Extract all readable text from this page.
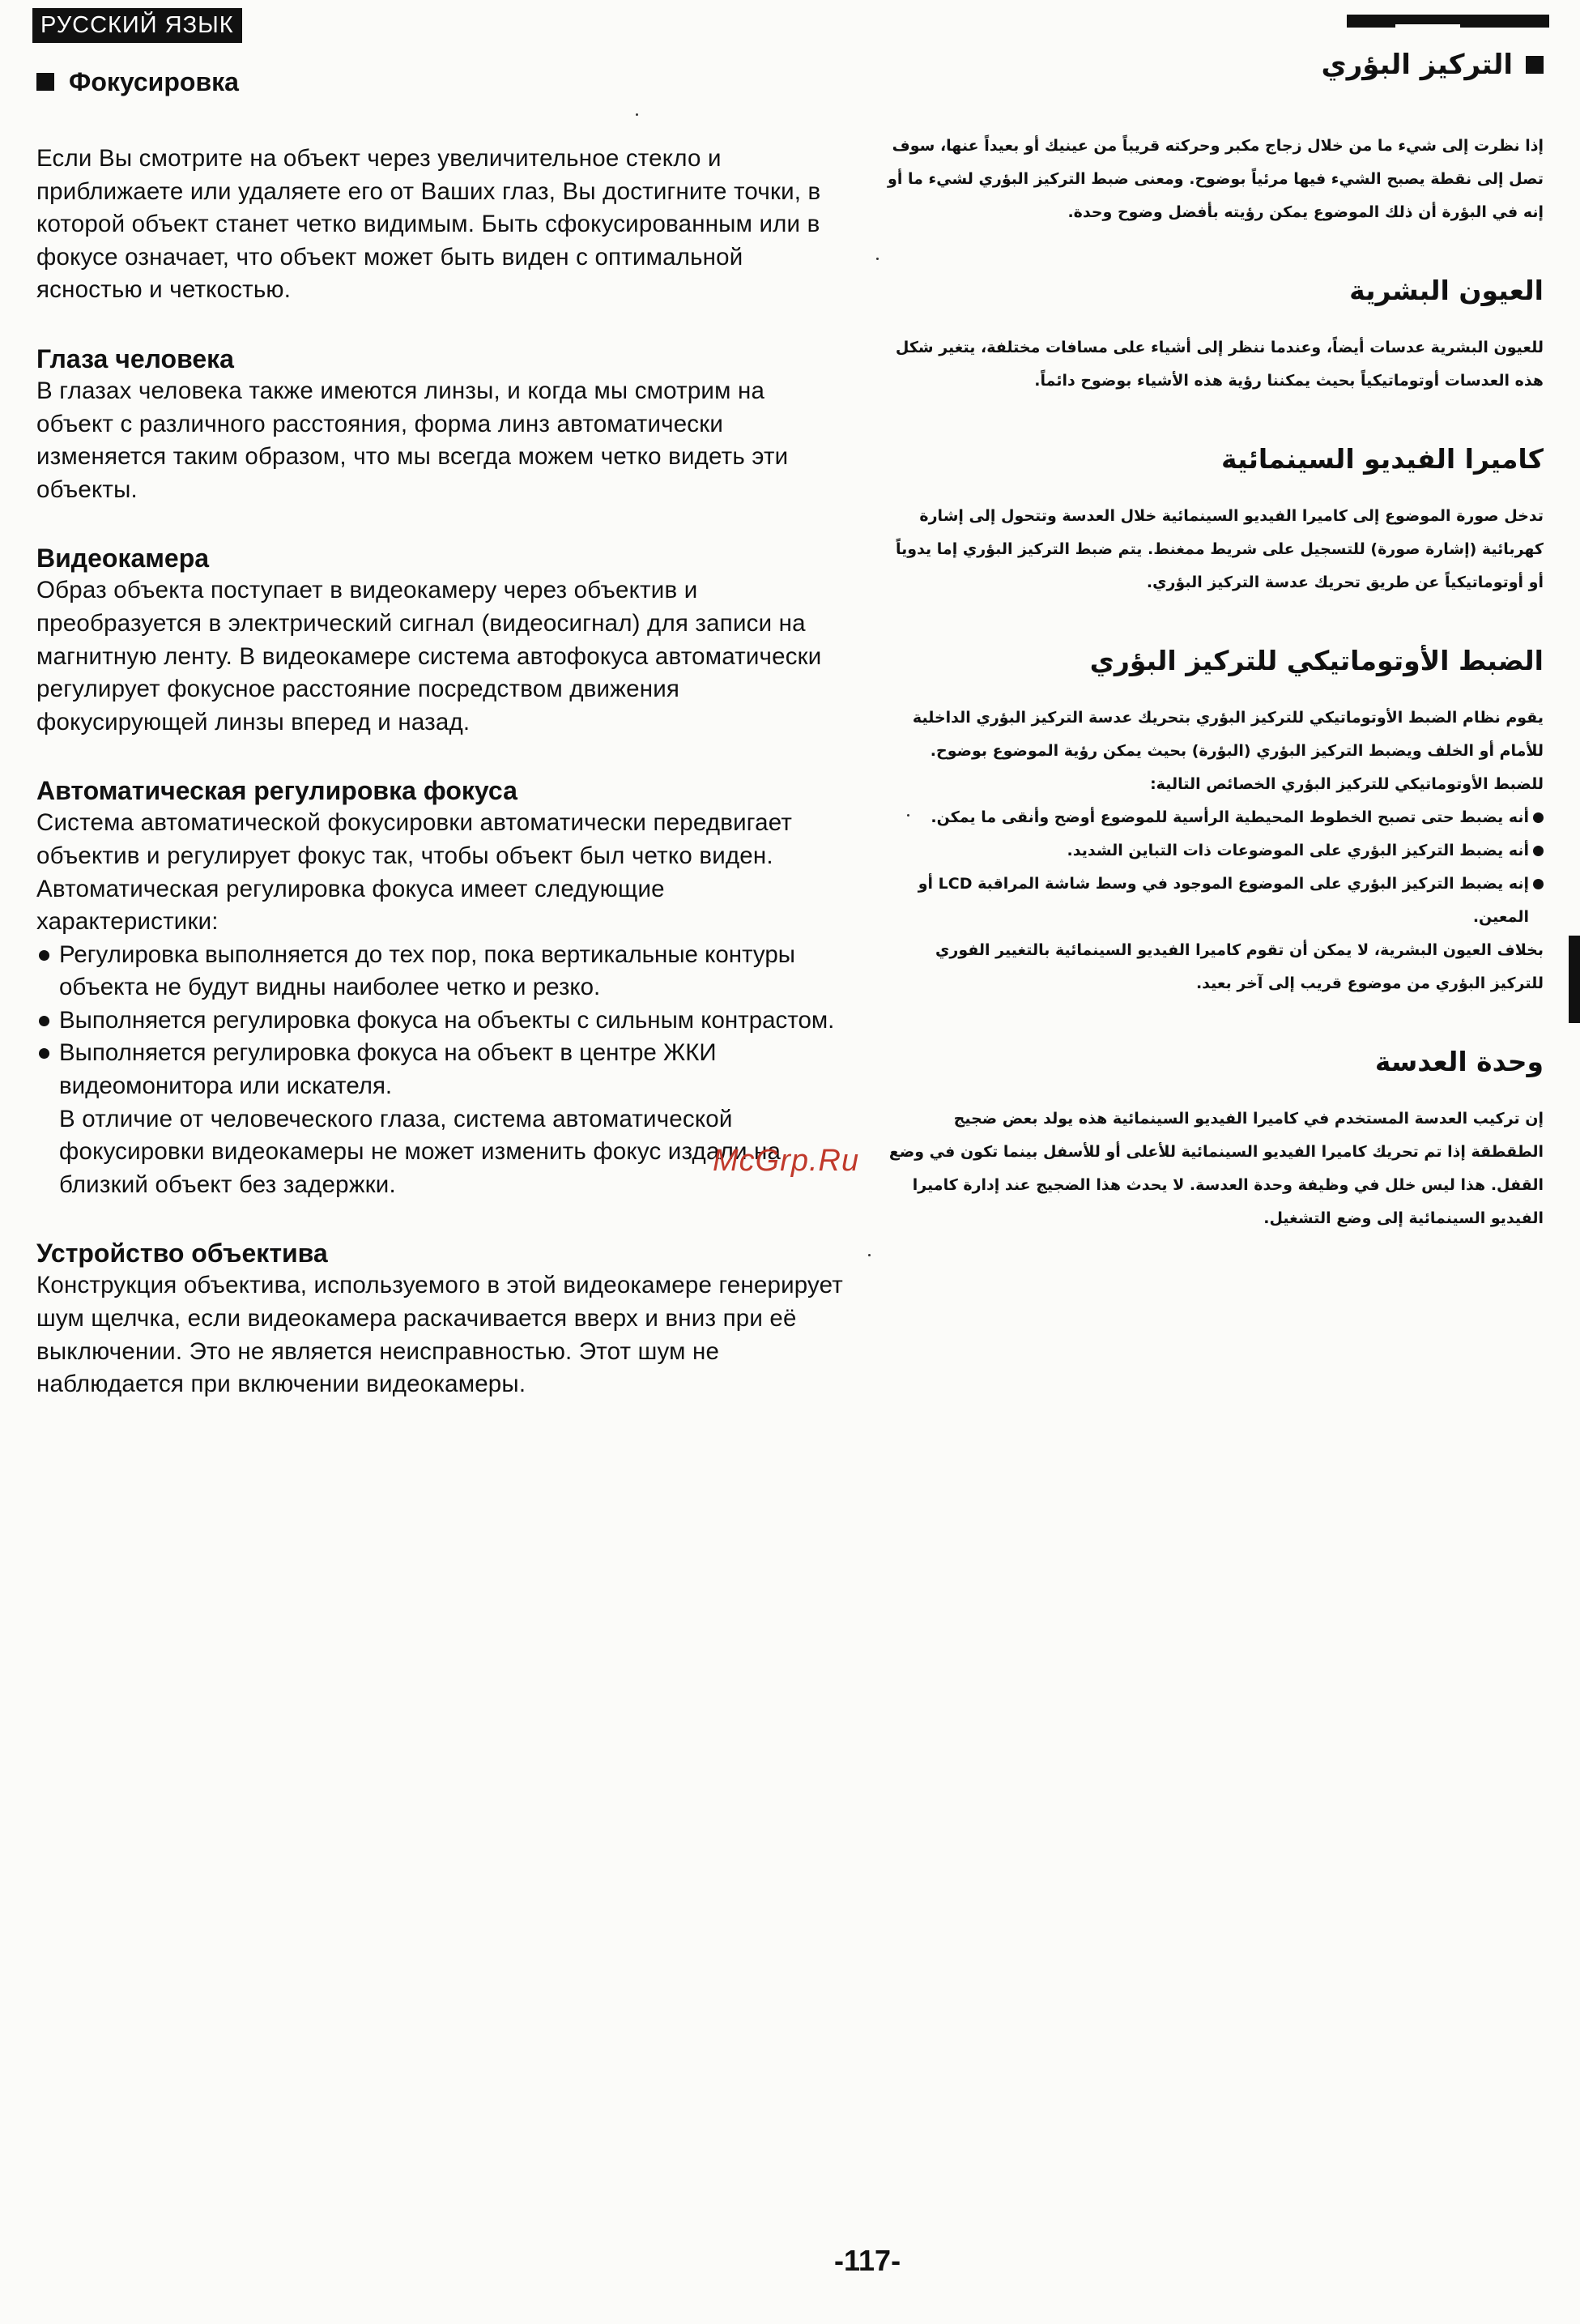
РУССКИЙ ЯЗЫК
Фокусировка

Если Вы смотрите на объект через увеличительное стекло и приближаете или удаляете его от Ваших глаз, Вы достигните точки, в которой объект станет четко видимым. Быть сфокусированным или в фокусе означает, что объект может быть виден с оптимальной ясностью и четкостью.

Глаза человека

В глазах человека также имеются линзы, и когда мы смотрим на объект с различного расстояния, форма линз автоматически изменяется таким образом, что мы всегда можем четко видеть эти объекты.

Видеокамера

Образ объекта поступает в видеокамеру через объектив и преобразуется в электрический сигнал (видеосигнал) для записи на магнитную ленту. В видеокамере система автофокуса автоматически регулирует фокусное расстояние посредством движения фокусирующей линзы вперед и назад.

Автоматическая регулировка фокуса

Система автоматической фокусировки автоматически передвигает объектив и регулирует фокус так, чтобы объект был четко виден.

Автоматическая регулировка фокуса имеет следующие характеристики:

Регулировка выполняется до тех пор, пока вертикальные контуры объекта не будут видны наиболее четко и резко.
Выполняется регулировка фокуса на объекты с сильным контрастом.
Выполняется регулировка фокуса на объект в центре ЖКИ видеомонитора или искателя.

В отличие от человеческого глаза, система автоматической фокусировки видеокамеры не может изменить фокус издали на близкий объект без задержки.

Устройство объектива

Конструкция объектива, используемого в этой видеокамере генерирует шум щелчка, если видеокамера раскачивается вверх и вниз при её выключении. Это не является неисправностью. Этот шум не наблюдается при включении видеокамеры.

التركيز البؤري

إذا نظرت إلى شيء ما من خلال زجاج مكبر وحركته قريباً من عينيك أو بعيداً عنها، سوف تصل إلى نقطة يصبح الشيء فيها مرئياً بوضوح. ومعنى ضبط التركيز البؤري لشيء ما أو إنه في البؤرة أن ذلك الموضوع يمكن رؤيته بأفضل وضوح وحدة.

العيون البشرية

للعيون البشرية عدسات أيضاً، وعندما ننظر إلى أشياء على مسافات مختلفة، يتغير شكل هذه العدسات أوتوماتيكياً بحيث يمكننا رؤية هذه الأشياء بوضوح دائماً.

كاميرا الفيديو السينمائية

تدخل صورة الموضوع إلى كاميرا الفيديو السينمائية خلال العدسة وتتحول إلى إشارة كهربائية (إشارة صورة) للتسجيل على شريط ممغنط. يتم ضبط التركيز البؤري إما يدوياً أو أوتوماتيكياً عن طريق تحريك عدسة التركيز البؤري.

الضبط الأوتوماتيكي للتركيز البؤري

يقوم نظام الضبط الأوتوماتيكي للتركيز البؤري بتحريك عدسة التركيز البؤري الداخلية للأمام أو الخلف ويضبط التركيز البؤري (البؤرة) بحيث يمكن رؤية الموضوع بوضوح. للضبط الأوتوماتيكي للتركيز البؤري الخصائص التالية:

أنه يضبط حتى تصبح الخطوط المحيطية الرأسية للموضوع أوضح وأنقى ما يمكن.
أنه يضبط التركيز البؤري على الموضوعات ذات التباين الشديد.
إنه يضبط التركيز البؤري على الموضوع الموجود في وسط شاشة المراقبة LCD أو المعين.

بخلاف العيون البشرية، لا يمكن أن تقوم كاميرا الفيديو السينمائية بالتغيير الفوري للتركيز البؤري من موضوع قريب إلى آخر بعيد.

وحدة العدسة

إن تركيب العدسة المستخدم في كاميرا الفيديو السينمائية هذه يولد بعض ضجيج الطقطقة إذا تم تحريك كاميرا الفيديو السينمائية للأعلى أو للأسفل بينما تكون في وضع القفل. هذا ليس خلل في وظيفة وحدة العدسة. لا يحدث هذا الضجيج عند إدارة كاميرا الفيديو السينمائية إلى وضع التشغيل.

McGrp.Ru
-117-
